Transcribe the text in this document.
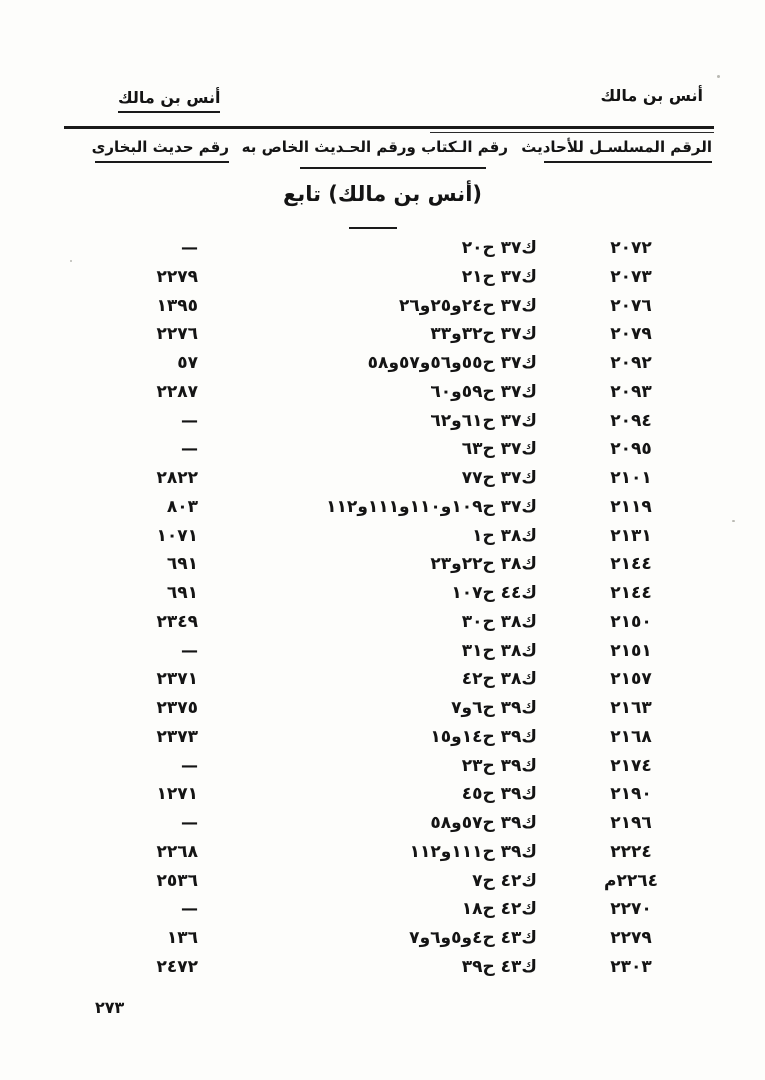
أنس بن مالك
أنس بن مالك
الرقم المسلسـل للأحاديث
رقم الـكتاب ورقم الحـديث الخاص به
رقم حديث البخارى
(أنس بن مالك) تابع
٢٠٧٢
ك٣٧ ح٢٠
—
٢٠٧٣
ك٣٧ ح٢١
٢٢٧٩
٢٠٧٦
ك٣٧ ح٢٤و٢٥و٢٦
١٣٩٥
٢٠٧٩
ك٣٧ ح٣٢و٣٣
٢٢٧٦
٢٠٩٢
ك٣٧ ح٥٥و٥٦و٥٧و٥٨
٥٧
٢٠٩٣
ك٣٧ ح٥٩و٦٠
٢٢٨٧
٢٠٩٤
ك٣٧ ح٦١و٦٢
—
٢٠٩٥
ك٣٧ ح٦٣
—
٢١٠١
ك٣٧ ح٧٧
٢٨٢٢
٢١١٩
ك٣٧ ح١٠٩و١١٠و١١١و١١٢
٨٠٣
٢١٣١
ك٣٨ ح١
١٠٧١
٢١٤٤
ك٣٨ ح٢٢و٢٣
٦٩١
٢١٤٤
ك٤٤ ح١٠٧
٦٩١
٢١٥٠
ك٣٨ ح٣٠
٢٣٤٩
٢١٥١
ك٣٨ ح٣١
—
٢١٥٧
ك٣٨ ح٤٢
٢٣٧١
٢١٦٣
ك٣٩ ح٦و٧
٢٣٧٥
٢١٦٨
ك٣٩ ح١٤و١٥
٢٣٧٣
٢١٧٤
ك٣٩ ح٢٣
—
٢١٩٠
ك٣٩ ح٤٥
١٢٧١
٢١٩٦
ك٣٩ ح٥٧و٥٨
—
٢٢٢٤
ك٣٩ ح١١١و١١٢
٢٢٦٨
٢٢٦٤م
ك٤٢ ح٧
٢٥٣٦
٢٢٧٠
ك٤٢ ح١٨
—
٢٢٧٩
ك٤٣ ح٤و٥و٦و٧
١٣٦
٢٣٠٣
ك٤٣ ح٣٩
٢٤٧٢
٢٧٣
